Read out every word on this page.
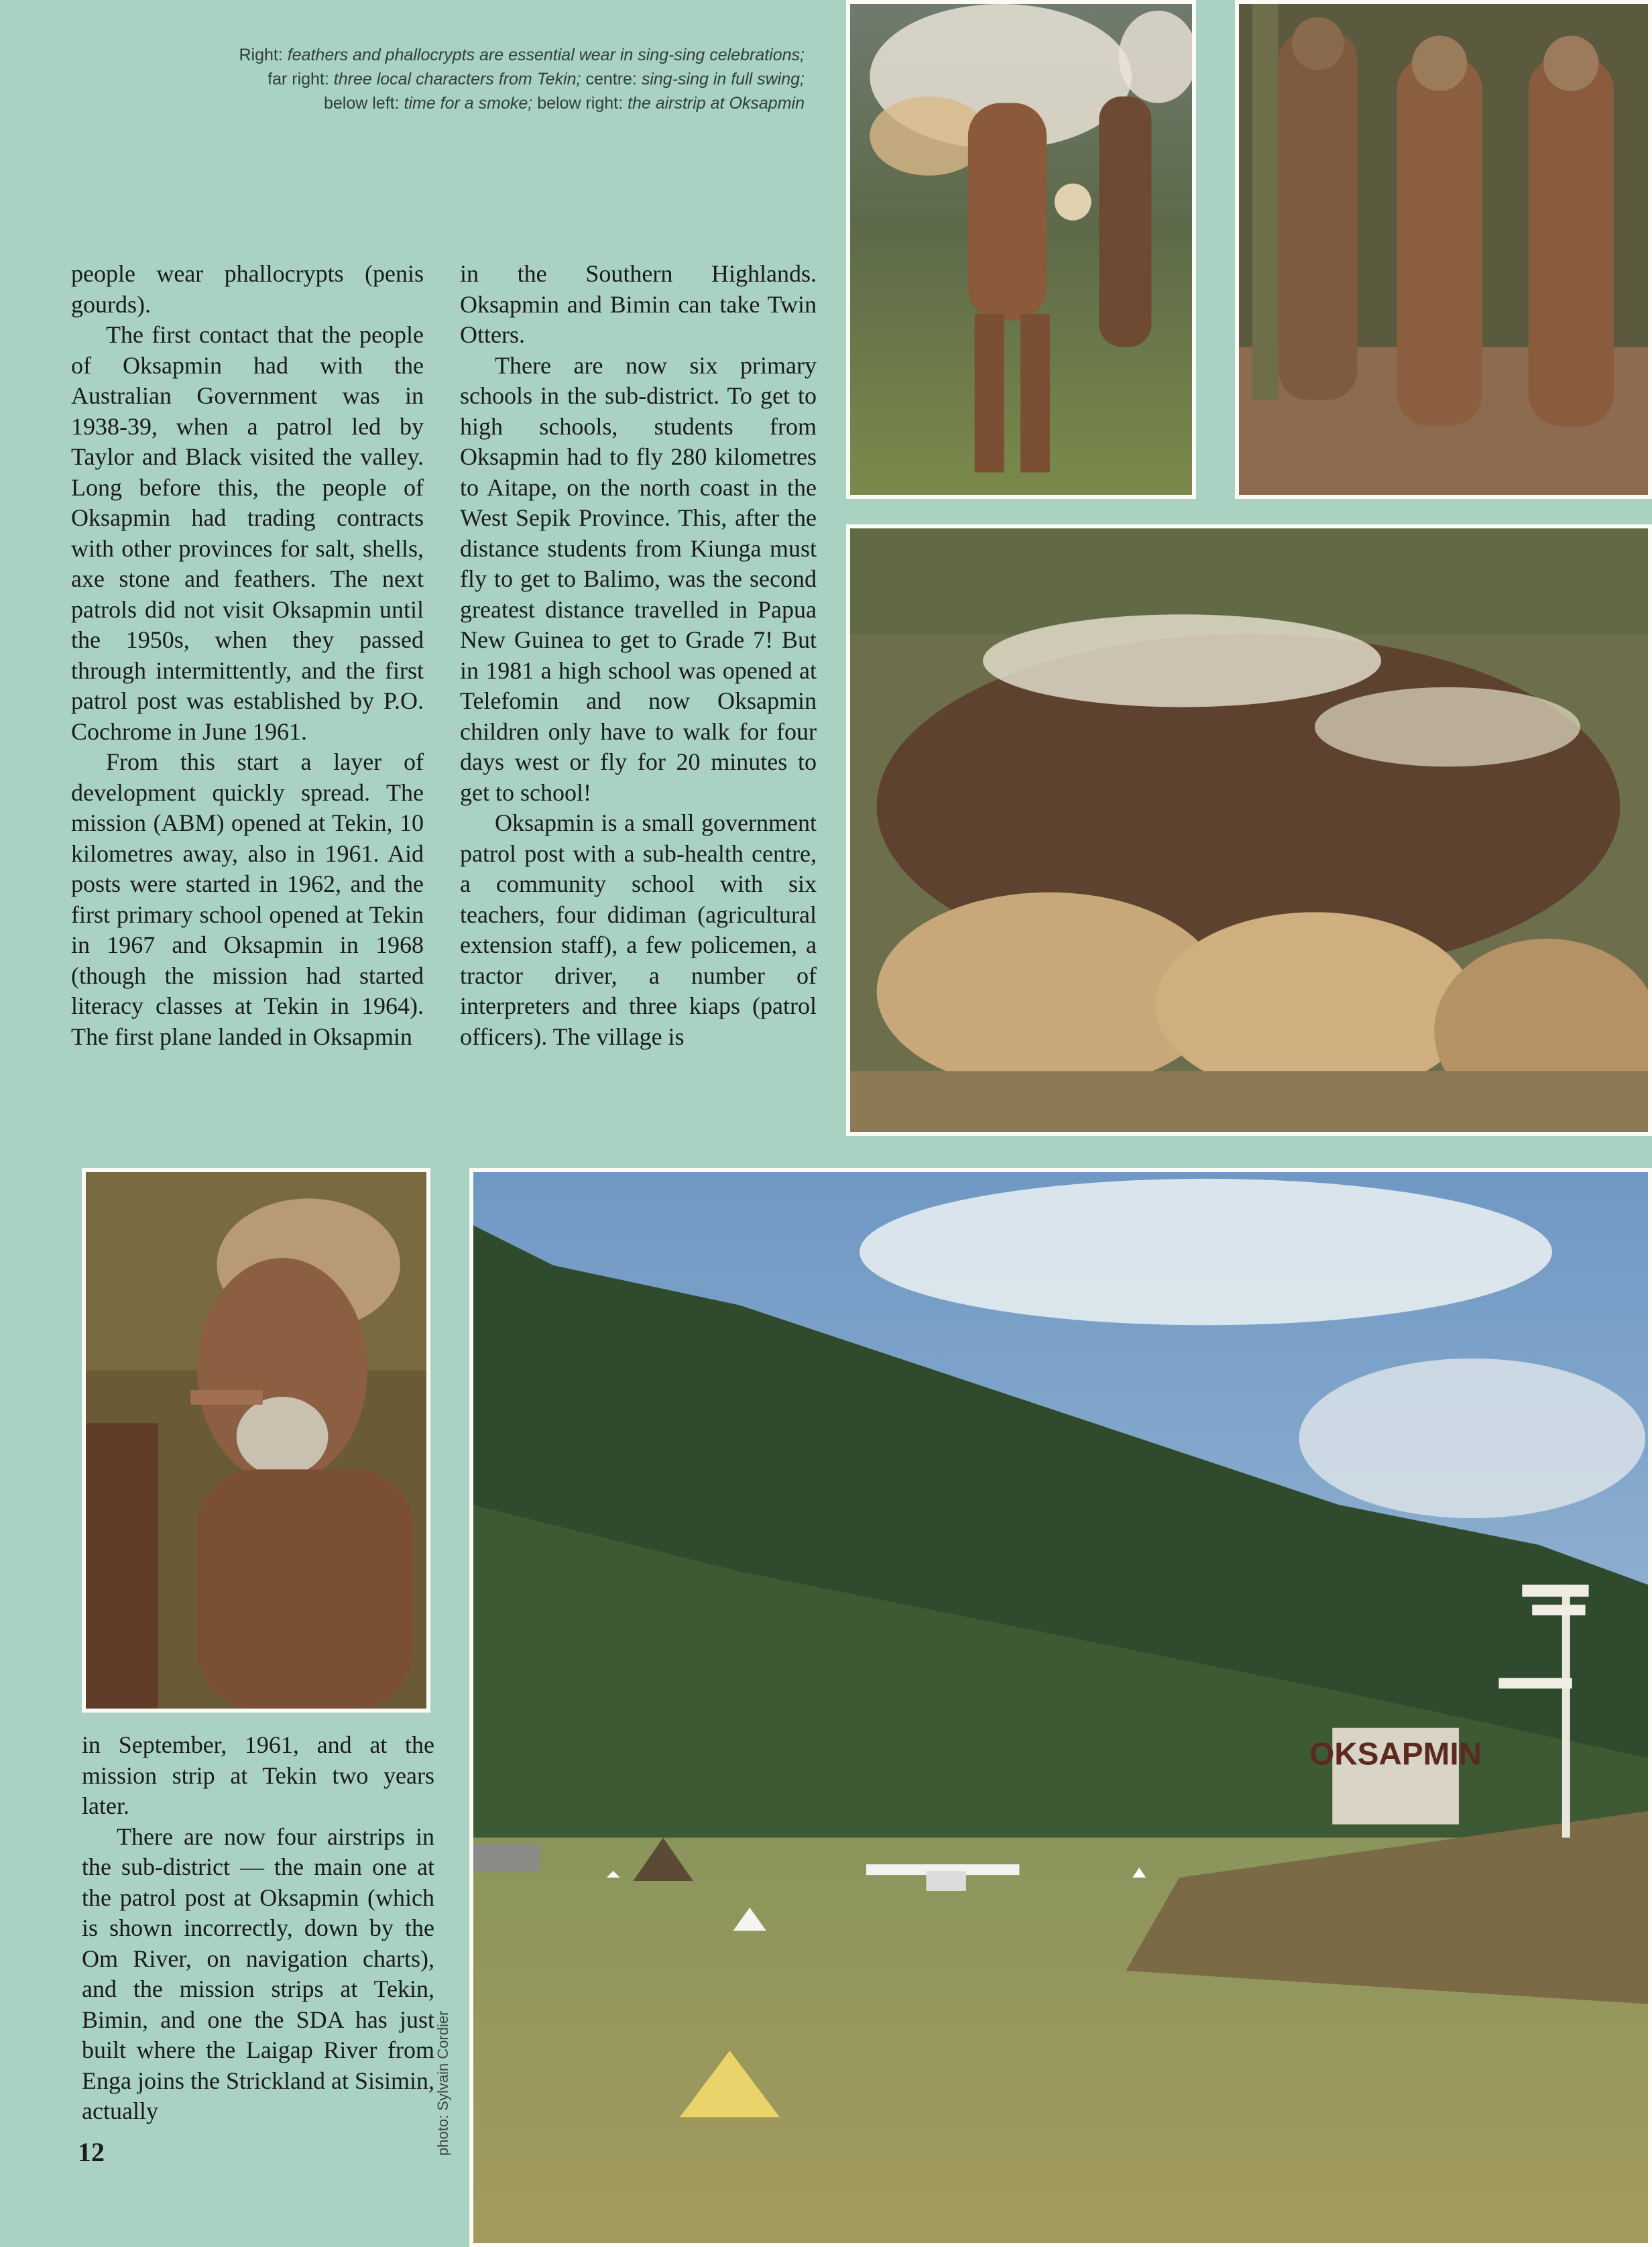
Right: feathers and phallocrypts are essential wear in sing-sing celebrations;
far right: three local characters from Tekin; centre: sing-sing in full swing;
below left: time for a smoke; below right: the airstrip at Oksapmin

people wear phallocrypts (penis gourds).

The first contact that the people of Oksapmin had with the Australian Government was in 1938-39, when a patrol led by Taylor and Black visited the valley. Long before this, the people of Oksapmin had trading contracts with other provinces for salt, shells, axe stone and feathers. The next patrols did not visit Oksapmin until the 1950s, when they passed through intermittently, and the first patrol post was established by P.O. Cochrome in June 1961.

From this start a layer of development quickly spread. The mission (ABM) opened at Tekin, 10 kilometres away, also in 1961. Aid posts were started in 1962, and the first primary school opened at Tekin in 1967 and Oksapmin in 1968 (though the mission had started literacy classes at Tekin in 1964). The first plane landed in Oksapmin

in the Southern Highlands. Oksapmin and Bimin can take Twin Otters.

There are now six primary schools in the sub-district. To get to high schools, students from Oksapmin had to fly 280 kilometres to Aitape, on the north coast in the West Sepik Province. This, after the distance students from Kiunga must fly to get to Balimo, was the second greatest distance travelled in Papua New Guinea to get to Grade 7! But in 1981 a high school was opened at Telefomin and now Oksapmin children only have to walk for four days west or fly for 20 minutes to get to school!

Oksapmin is a small government patrol post with a sub-health centre, a community school with six teachers, four didiman (agricultural extension staff), a few policemen, a tractor driver, a number of interpreters and three kiaps (patrol officers). The village is

in September, 1961, and at the mission strip at Tekin two years later.

There are now four airstrips in the sub-district — the main one at the patrol post at Oksapmin (which is shown incorrectly, down by the Om River, on navigation charts), and the mission strips at Tekin, Bimin, and one the SDA has just built where the Laigap River from Enga joins the Strickland at Sisimin, actually

OKSAPMIN
photo: Sylvain Cordier
12
